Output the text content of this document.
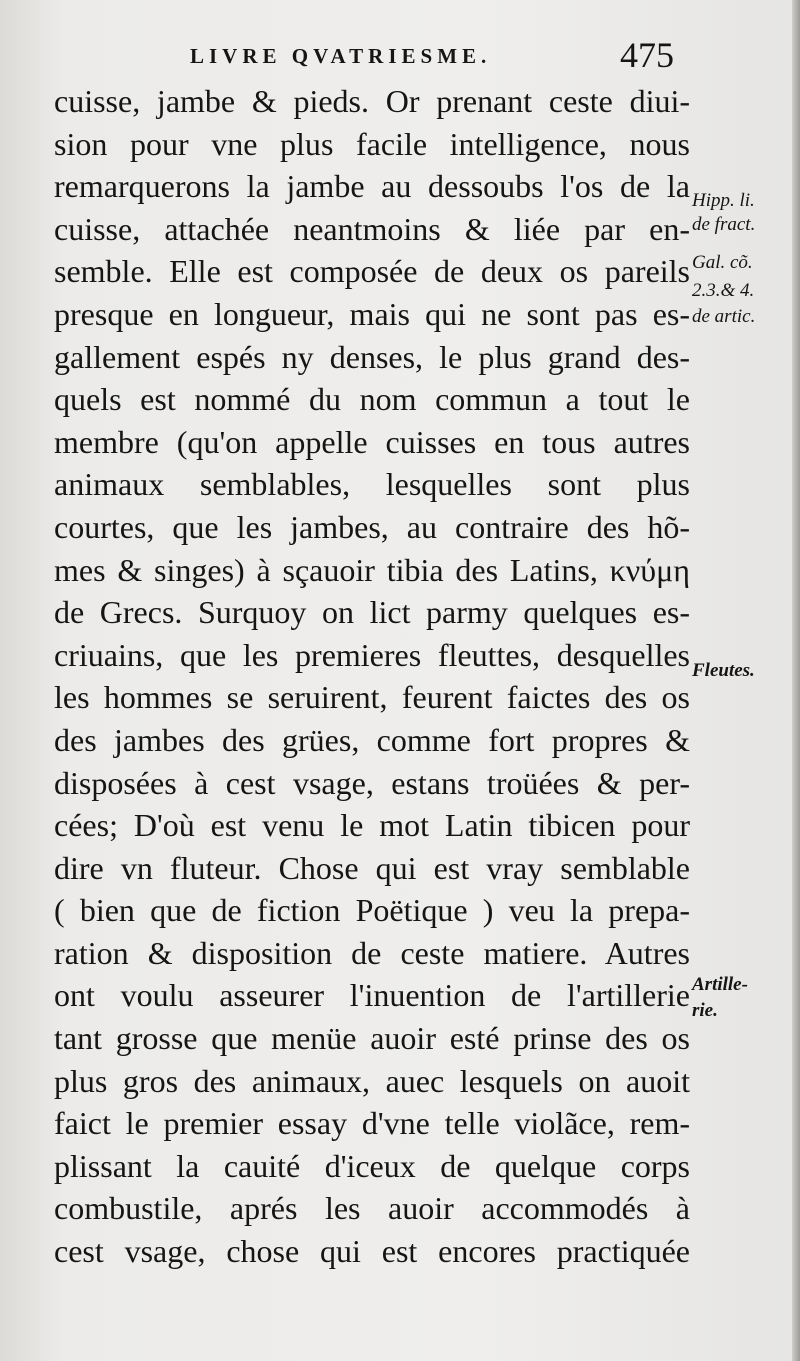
LIVRE QVATRIESME.	475
cuisse, jambe & pieds. Or prenant ceste diui-
sion pour vne plus facile intelligence, nous
remarquerons la jambe au dessoubs l'os de la
cuisse, attachée neantmoins & liée par en-
semble. Elle est composée de deux os pareils
presque en longueur, mais qui ne sont pas es-
gallement espés ny denses, le plus grand des-
quels est nommé du nom commun a tout le
membre (qu'on appelle cuisses en tous autres
animaux semblables, lesquelles sont plus
courtes, que les jambes, au contraire des hõ-
mes & singes) à sçauoir tibia des Latins, κνύμη
de Grecs. Surquoy on lict parmy quelques es-
criuains, que les premieres fleuttes, desquelles
les hommes se seruirent, feurent faictes des os
des jambes des grües, comme fort propres &
disposées à cest vsage, estans troüées & per-
cées; D'où est venu le mot Latin tibicen pour
dire vn fluteur. Chose qui est vray semblable
( bien que de fiction Poëtique ) veu la prepa-
ration & disposition de ceste matiere. Autres
ont voulu asseurer l'inuention de l'artillerie
tant grosse que menüe auoir esté prinse des os
plus gros des animaux, auec lesquels on auoit
faict le premier essay d'vne telle violãce, rem-
plissant la cauité d'iceux de quelque corps
combustile, aprés les auoir accommodés à
cest vsage, chose qui est encores practiquée
Hipp. li.
de fract.
Gal. cõ.
2.3.& 4.
de artic.
Fleutes.
Artille-
rie.
